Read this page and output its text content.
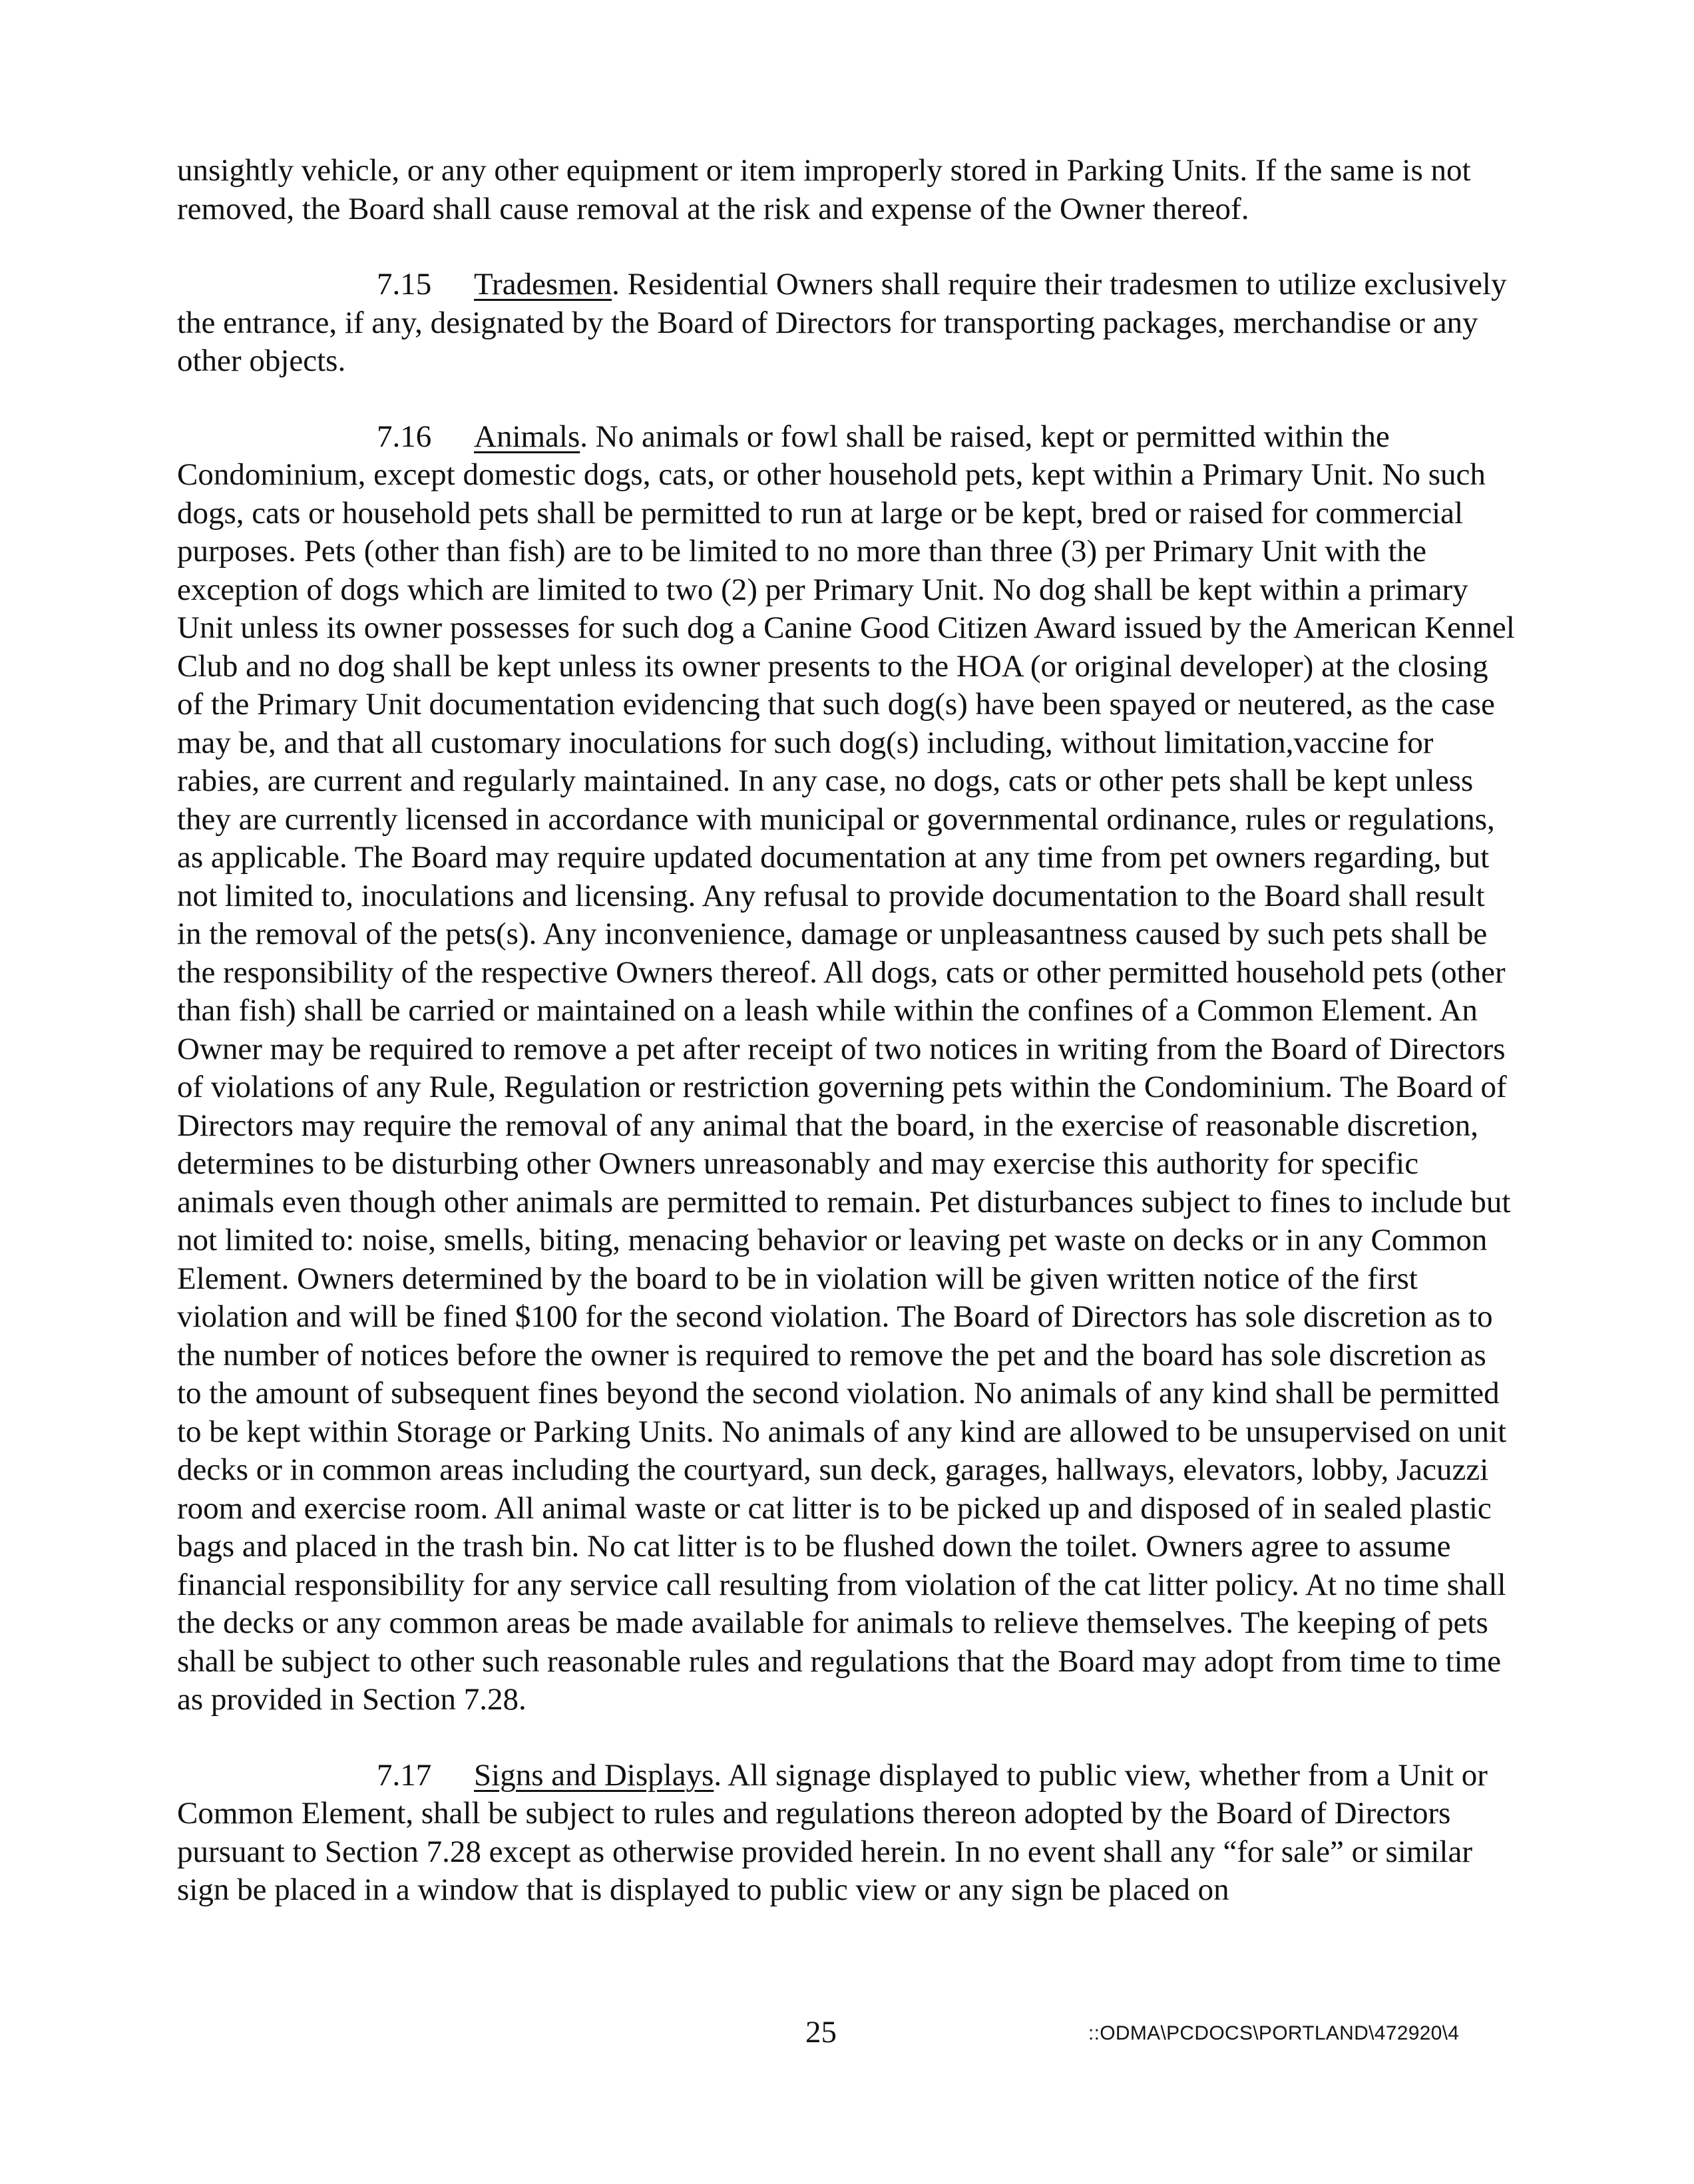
unsightly vehicle, or any other equipment or item improperly stored in Parking Units. If the same is not removed, the Board shall cause removal at the risk and expense of the Owner thereof.

7.15 Tradesmen. Residential Owners shall require their tradesmen to utilize exclusively the entrance, if any, designated by the Board of Directors for transporting packages, merchandise or any other objects.

7.16 Animals. No animals or fowl shall be raised, kept or permitted within the Condominium, except domestic dogs, cats, or other household pets, kept within a Primary Unit. No such dogs, cats or household pets shall be permitted to run at large or be kept, bred or raised for commercial purposes. Pets (other than fish) are to be limited to no more than three (3) per Primary Unit with the exception of dogs which are limited to two (2) per Primary Unit. No dog shall be kept within a primary Unit unless its owner possesses for such dog a Canine Good Citizen Award issued by the American Kennel Club and no dog shall be kept unless its owner presents to the HOA (or original developer) at the closing of the Primary Unit documentation evidencing that such dog(s) have been spayed or neutered, as the case may be, and that all customary inoculations for such dog(s) including, without limitation,vaccine for rabies, are current and regularly maintained. In any case, no dogs, cats or other pets shall be kept unless they are currently licensed in accordance with municipal or governmental ordinance, rules or regulations, as applicable. The Board may require updated documentation at any time from pet owners regarding, but not limited to, inoculations and licensing. Any refusal to provide documentation to the Board shall result in the removal of the pets(s). Any inconvenience, damage or unpleasantness caused by such pets shall be the responsibility of the respective Owners thereof. All dogs, cats or other permitted household pets (other than fish) shall be carried or maintained on a leash while within the confines of a Common Element. An Owner may be required to remove a pet after receipt of two notices in writing from the Board of Directors of violations of any Rule, Regulation or restriction governing pets within the Condominium. The Board of Directors may require the removal of any animal that the board, in the exercise of reasonable discretion, determines to be disturbing other Owners unreasonably and may exercise this authority for specific animals even though other animals are permitted to remain. Pet disturbances subject to fines to include but not limited to: noise, smells, biting, menacing behavior or leaving pet waste on decks or in any Common Element. Owners determined by the board to be in violation will be given written notice of the first violation and will be fined $100 for the second violation. The Board of Directors has sole discretion as to the number of notices before the owner is required to remove the pet and the board has sole discretion as to the amount of subsequent fines beyond the second violation. No animals of any kind shall be permitted to be kept within Storage or Parking Units. No animals of any kind are allowed to be unsupervised on unit decks or in common areas including the courtyard, sun deck, garages, hallways, elevators, lobby, Jacuzzi room and exercise room. All animal waste or cat litter is to be picked up and disposed of in sealed plastic bags and placed in the trash bin. No cat litter is to be flushed down the toilet. Owners agree to assume financial responsibility for any service call resulting from violation of the cat litter policy. At no time shall the decks or any common areas be made available for animals to relieve themselves. The keeping of pets shall be subject to other such reasonable rules and regulations that the Board may adopt from time to time as provided in Section 7.28.

7.17 Signs and Displays. All signage displayed to public view, whether from a Unit or Common Element, shall be subject to rules and regulations thereon adopted by the Board of Directors pursuant to Section 7.28 except as otherwise provided herein. In no event shall any “for sale” or similar sign be placed in a window that is displayed to public view or any sign be placed on

25	::ODMA\PCDOCS\PORTLAND\472920\4
